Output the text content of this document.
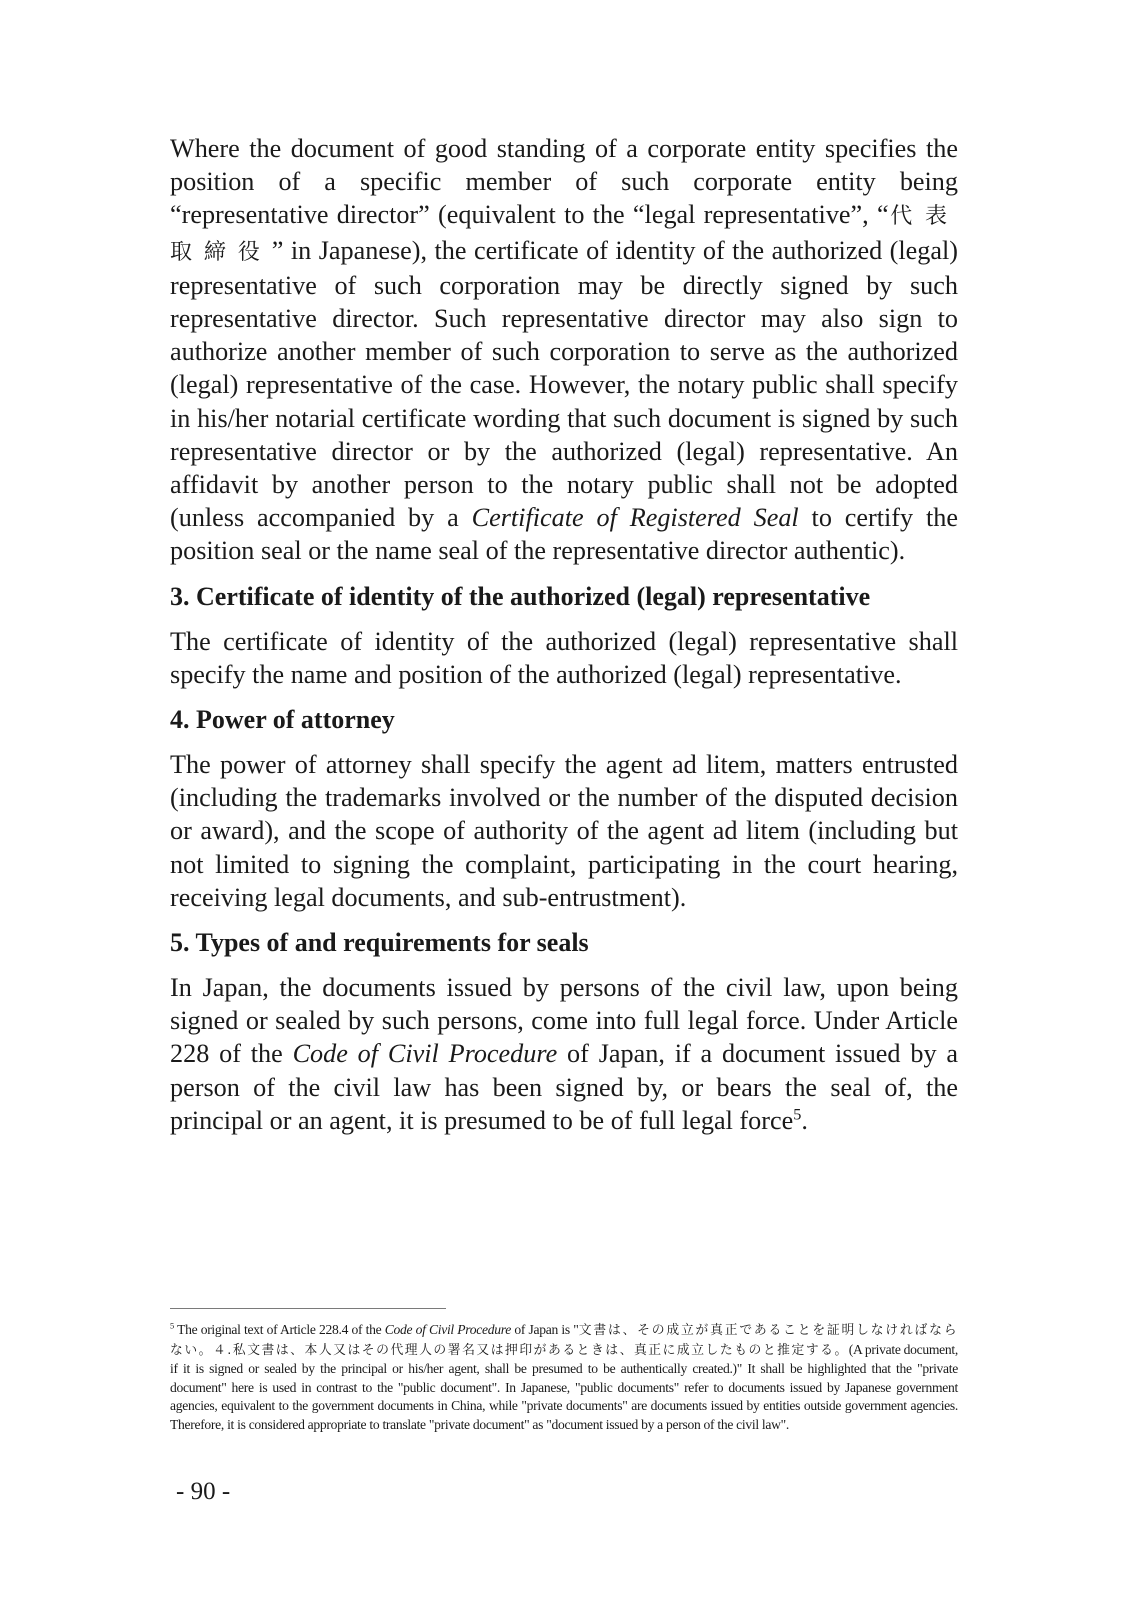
Where the document of good standing of a corporate entity specifies the position of a specific member of such corporate entity being “representative director” (equivalent to the “legal representative”, “代表取締役” in Japanese), the certificate of identity of the authorized (legal) representative of such corporation may be directly signed by such representative director. Such representative director may also sign to authorize another member of such corporation to serve as the authorized (legal) representative of the case. However, the notary public shall specify in his/her notarial certificate wording that such document is signed by such representative director or by the authorized (legal) representative. An affidavit by another person to the notary public shall not be adopted (unless accompanied by a Certificate of Registered Seal to certify the position seal or the name seal of the representative director authentic).

3. Certificate of identity of the authorized (legal) representative

The certificate of identity of the authorized (legal) representative shall specify the name and position of the authorized (legal) representative.

4. Power of attorney

The power of attorney shall specify the agent ad litem, matters entrusted (including the trademarks involved or the number of the disputed decision or award), and the scope of authority of the agent ad litem (including but not limited to signing the complaint, participating in the court hearing, receiving legal documents, and sub-entrustment).

5. Types of and requirements for seals

In Japan, the documents issued by persons of the civil law, upon being signed or sealed by such persons, come into full legal force. Under Article 228 of the Code of Civil Procedure of Japan, if a document issued by a person of the civil law has been signed by, or bears the seal of, the principal or an agent, it is presumed to be of full legal force$^5$.

$^5$ The original text of Article 228.4 of the Code of Civil Procedure of Japan is "文書は、その成立が真正であることを証明しなければならない。４.私文書は、本人又はその代理人の署名又は押印があるときは、真正に成立したものと推定する。(A private document, if it is signed or sealed by the principal or his/her agent, shall be presumed to be authentically created.)" It shall be highlighted that the "private document" here is used in contrast to the "public document". In Japanese, "public documents" refer to documents issued by Japanese government agencies, equivalent to the government documents in China, while "private documents" are documents issued by entities outside government agencies. Therefore, it is considered appropriate to translate "private document" as "document issued by a person of the civil law".
- 90 -
